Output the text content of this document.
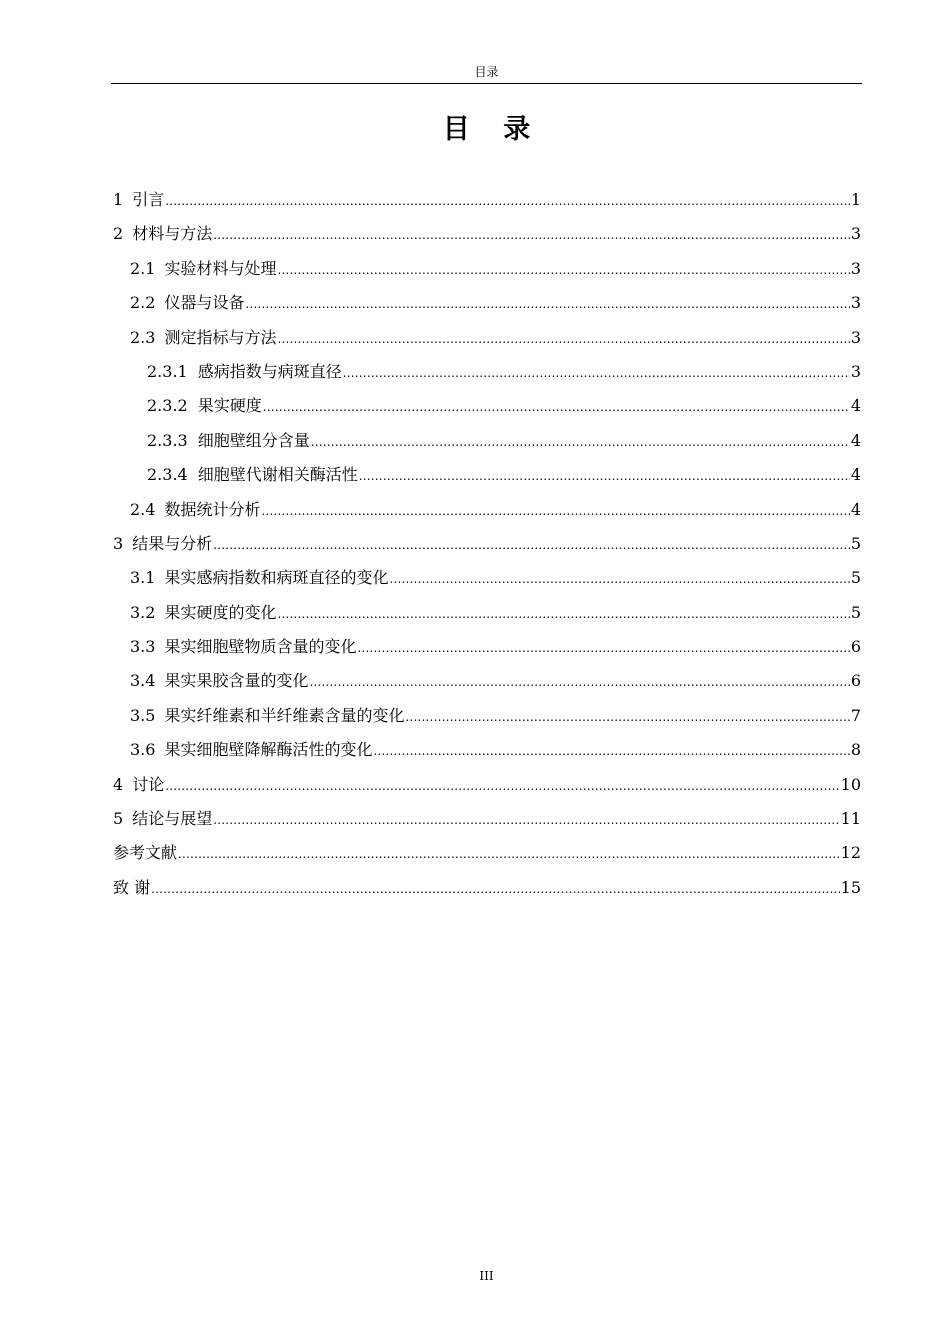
目录
目 录
1 引言 .....	1
2 材料与方法 .....	3
2.1 实验材料与处理 .....	3
2.2 仪器与设备 .....	3
2.3 测定指标与方法 .....	3
2.3.1 感病指数与病斑直径 .....	3
2.3.2 果实硬度 .....	4
2.3.3 细胞壁组分含量 .....	4
2.3.4 细胞壁代谢相关酶活性 .....	4
2.4 数据统计分析 .....	4
3 结果与分析 .....	5
3.1 果实感病指数和病斑直径的变化 .....	5
3.2 果实硬度的变化 .....	5
3.3 果实细胞壁物质含量的变化 .....	6
3.4 果实果胶含量的变化 .....	6
3.5 果实纤维素和半纤维素含量的变化 .....	7
3.6 果实细胞壁降解酶活性的变化 .....	8
4 讨论 .....	10
5 结论与展望 .....	11
参考文献 .....	12
致 谢 .....	15
III
